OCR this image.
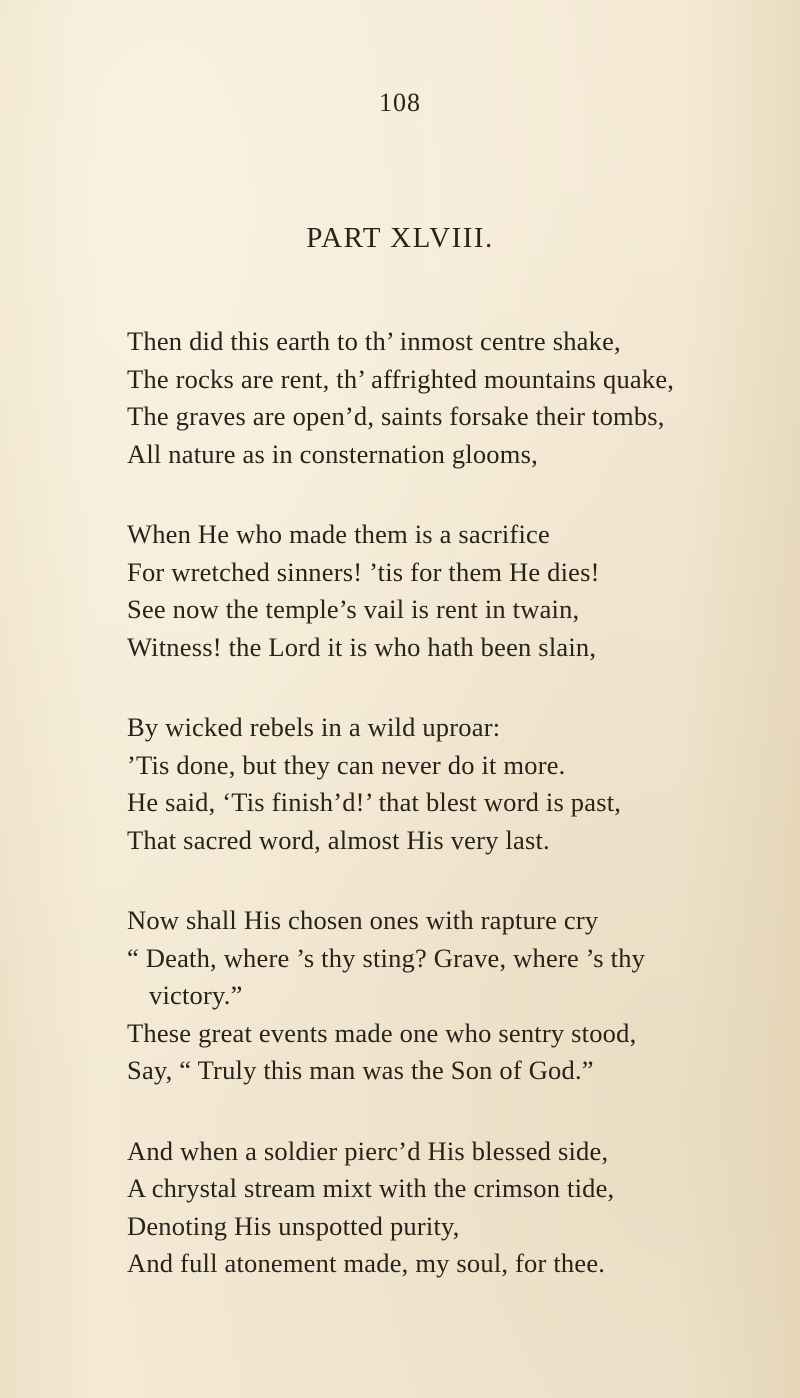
108
PART XLVIII.
Then did this earth to th’ inmost centre shake,
The rocks are rent, th’ affrighted mountains quake,
The graves are open’d, saints forsake their tombs,
All nature as in consternation glooms,
When He who made them is a sacrifice
For wretched sinners! ’tis for them He dies!
See now the temple’s vail is rent in twain,
Witness! the Lord it is who hath been slain,
By wicked rebels in a wild uproar:
’Tis done, but they can never do it more.
He said, ‘Tis finish’d!’ that blest word is past,
That sacred word, almost His very last.
Now shall His chosen ones with rapture cry
“ Death, where ’s thy sting? Grave, where ’s thy
victory.”
These great events made one who sentry stood,
Say, “ Truly this man was the Son of God.”
And when a soldier pierc’d His blessed side,
A chrystal stream mixt with the crimson tide,
Denoting His unspotted purity,
And full atonement made, my soul, for thee.
